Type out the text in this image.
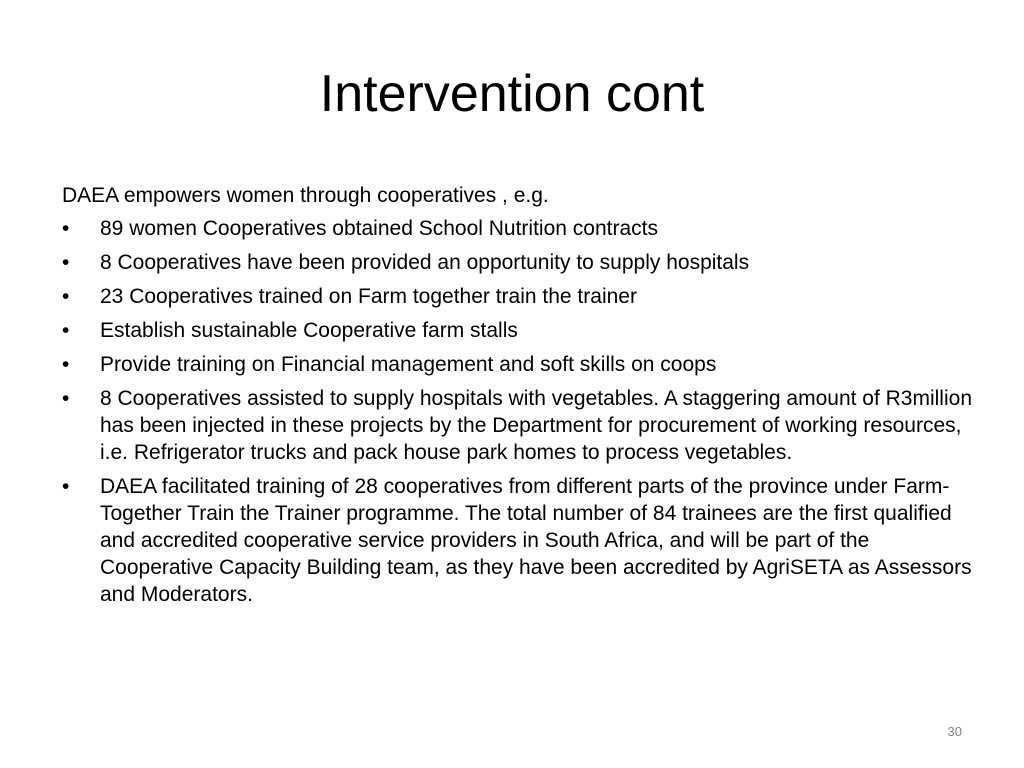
Intervention cont

DAEA empowers women through cooperatives , e.g.

• 89 women Cooperatives obtained School Nutrition contracts
• 8 Cooperatives have been provided an opportunity to supply hospitals
• 23 Cooperatives trained on Farm together train the trainer
• Establish sustainable Cooperative farm stalls
• Provide training on Financial management and soft skills on coops
• 8 Cooperatives assisted to supply hospitals with vegetables. A staggering amount of R3million has been injected in these projects by the Department for procurement of working resources, i.e. Refrigerator trucks and pack house park homes to process vegetables.
• DAEA facilitated training of 28 cooperatives from different parts of the province under Farm-Together Train the Trainer programme. The total number of 84 trainees are the first qualified and accredited cooperative service providers in South Africa, and will be part of the Cooperative Capacity Building team, as they have been accredited by AgriSETA as Assessors and Moderators.
30
